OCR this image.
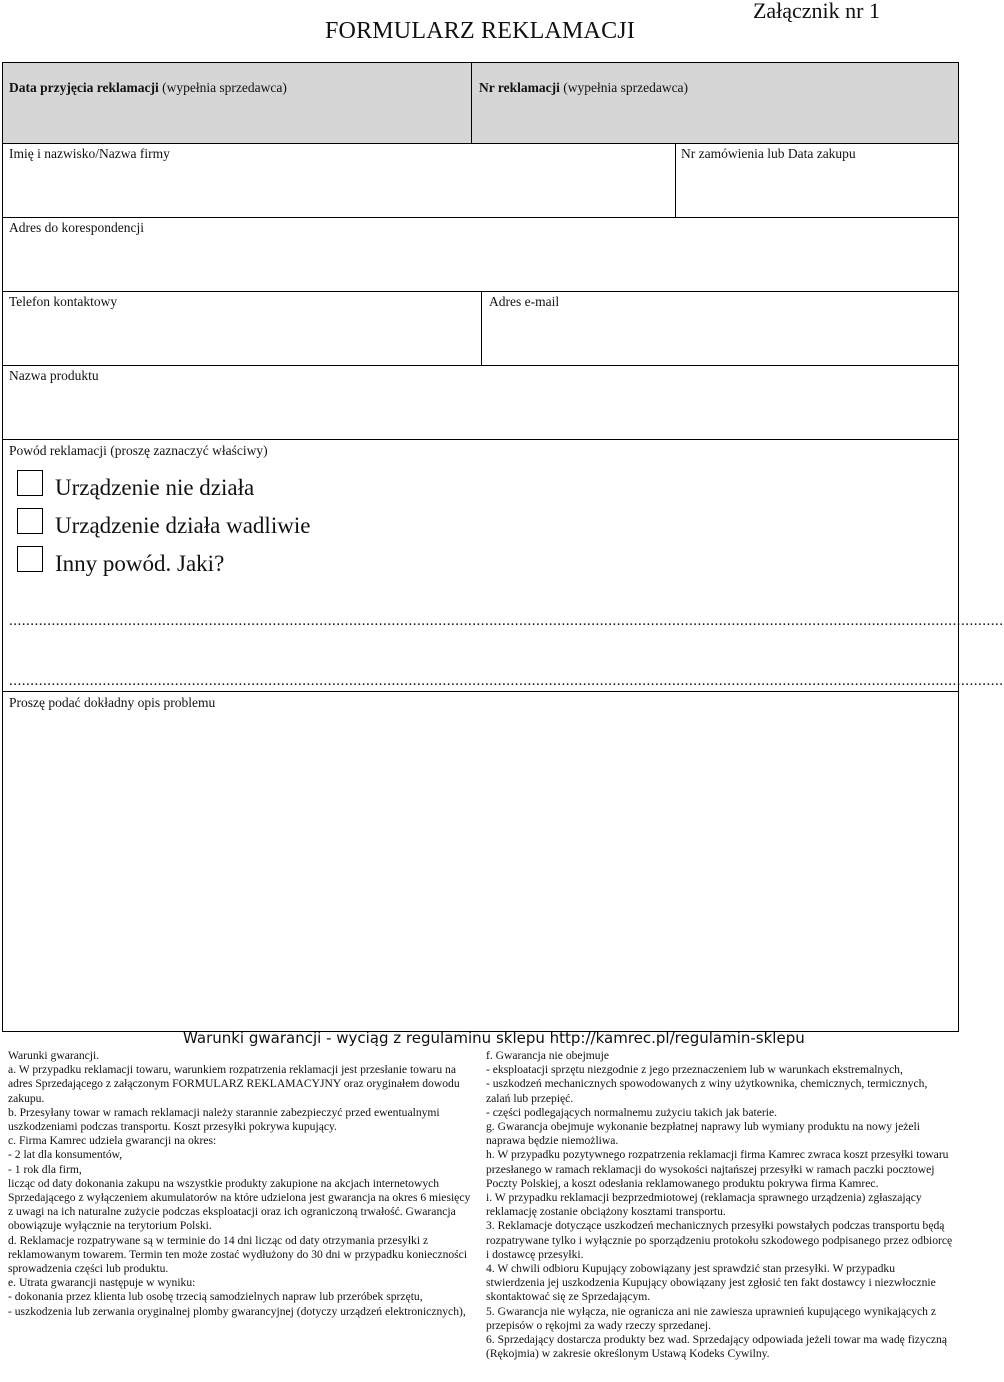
FORMULARZ REKLAMACJI
Załącznik nr 1
Data przyjęcia reklamacji (wypełnia sprzedawca)	Nr reklamacji (wypełnia sprzedawca)
Imię i nazwisko/Nazwa firmy	Nr zamówienia lub Data zakupu
Adres do korespondencji
Telefon kontaktowy	Adres e-mail
Nazwa produktu
Powód reklamacji (proszę zaznaczyć właściwy)
Urządzenie nie działa
Urządzenie działa wadliwie
Inny powód. Jaki?
..........................................................................................................................................................................................................................................
..........................................................................................................................................................................................................................................
Proszę podać dokładny opis problemu
Warunki gwarancji - wyciąg z regulaminu sklepu http://kamrec.pl/regulamin-sklepu

Warunki gwarancji.

a. W przypadku reklamacji towaru, warunkiem rozpatrzenia reklamacji jest przesłanie towaru na adres Sprzedającego z załączonym FORMULARZ REKLAMACYJNY oraz oryginałem dowodu zakupu.

b. Przesyłany towar w ramach reklamacji należy starannie zabezpieczyć przed ewentualnymi uszkodzeniami podczas transportu. Koszt przesyłki pokrywa kupujący.

c. Firma Kamrec udziela gwarancji na okres:

- 2 lat dla konsumentów,

- 1 rok dla firm,

licząc od daty dokonania zakupu na wszystkie produkty zakupione na akcjach internetowych Sprzedającego z wyłączeniem akumulatorów na które udzielona jest gwarancja na okres 6 miesięcy z uwagi na ich naturalne zużycie podczas eksploatacji oraz ich ograniczoną trwałość. Gwarancja obowiązuje wyłącznie na terytorium Polski.

d. Reklamacje rozpatrywane są w terminie do 14 dni licząc od daty otrzymania przesyłki z reklamowanym towarem. Termin ten może zostać wydłużony do 30 dni w przypadku konieczności sprowadzenia części lub produktu.

e. Utrata gwarancji następuje w wyniku:

- dokonania przez klienta lub osobę trzecią samodzielnych napraw lub przeróbek sprzętu,

- uszkodzenia lub zerwania oryginalnej plomby gwarancyjnej (dotyczy urządzeń elektronicznych),

f. Gwarancja nie obejmuje

- eksploatacji sprzętu niezgodnie z jego przeznaczeniem lub w warunkach ekstremalnych,

- uszkodzeń mechanicznych spowodowanych z winy użytkownika, chemicznych, termicznych, zalań lub przepięć.

- części podlegających normalnemu zużyciu takich jak baterie.

g. Gwarancja obejmuje wykonanie bezpłatnej naprawy lub wymiany produktu na nowy jeżeli naprawa będzie niemożliwa.

h. W przypadku pozytywnego rozpatrzenia reklamacji firma Kamrec zwraca koszt przesyłki towaru przesłanego w ramach reklamacji do wysokości najtańszej przesyłki w ramach paczki pocztowej Poczty Polskiej, a koszt odesłania reklamowanego produktu pokrywa firma Kamrec.

i. W przypadku reklamacji bezprzedmiotowej (reklamacja sprawnego urządzenia) zgłaszający reklamację zostanie obciążony kosztami transportu.

3. Reklamacje dotyczące uszkodzeń mechanicznych przesyłki powstałych podczas transportu będą rozpatrywane tylko i wyłącznie po sporządzeniu protokołu szkodowego podpisanego przez odbiorcę i dostawcę przesyłki.

4. W chwili odbioru Kupujący zobowiązany jest sprawdzić stan przesyłki. W przypadku stwierdzenia jej uszkodzenia Kupujący obowiązany jest zgłosić ten fakt dostawcy i niezwłocznie skontaktować się ze Sprzedającym.

5. Gwarancja nie wyłącza, nie ogranicza ani nie zawiesza uprawnień kupującego wynikających z przepisów o rękojmi za wady rzeczy sprzedanej.

6. Sprzedający dostarcza produkty bez wad. Sprzedający odpowiada jeżeli towar ma wadę fizyczną (Rękojmia) w zakresie określonym Ustawą Kodeks Cywilny.
